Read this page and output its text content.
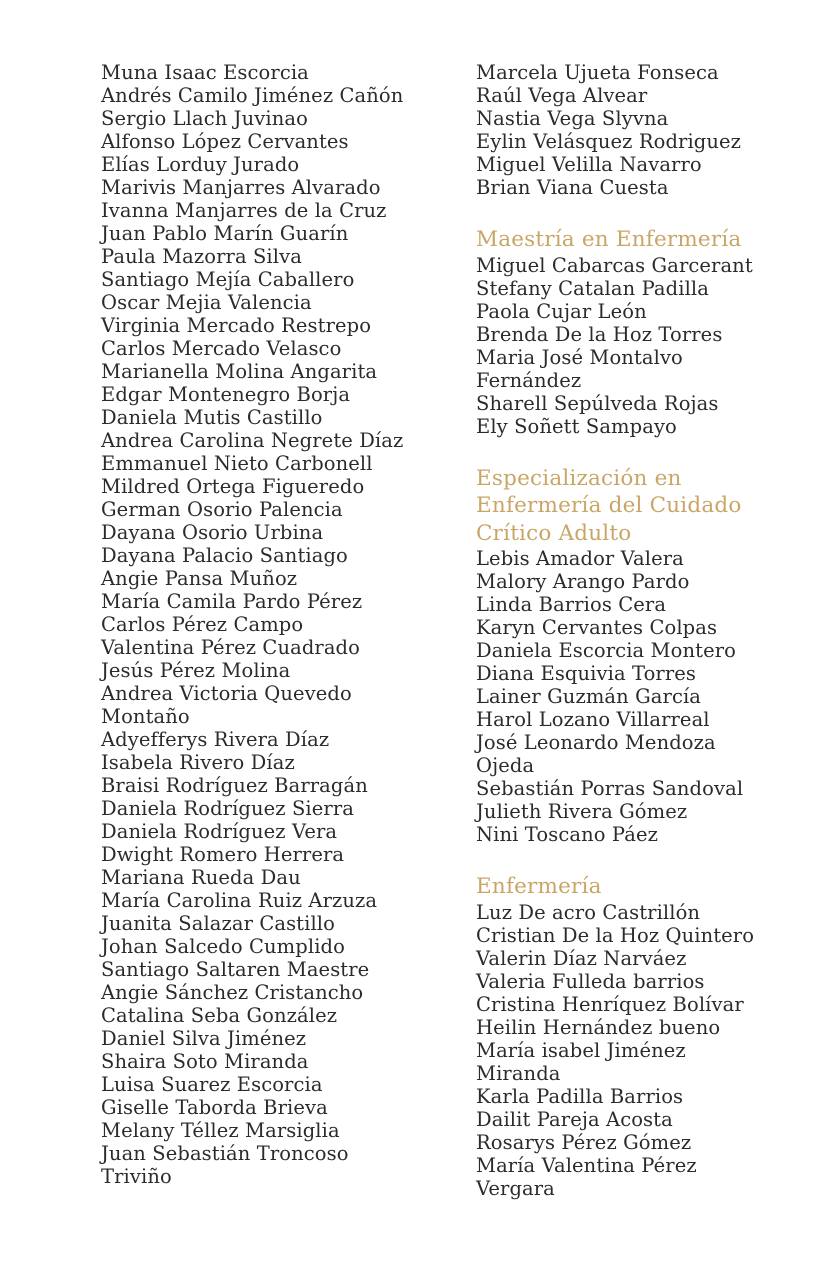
Muna Isaac Escorcia
Andrés Camilo Jiménez Cañón
Sergio Llach Juvinao
Alfonso López Cervantes
Elías Lorduy Jurado
Marivis Manjarres Alvarado
Ivanna Manjarres de la Cruz
Juan Pablo Marín Guarín
Paula Mazorra Silva
Santiago Mejía Caballero
Oscar Mejia Valencia
Virginia Mercado Restrepo
Carlos Mercado Velasco
Marianella Molina Angarita
Edgar Montenegro Borja
Daniela Mutis Castillo
Andrea Carolina Negrete Díaz
Emmanuel Nieto Carbonell
Mildred Ortega Figueredo
German Osorio Palencia
Dayana Osorio Urbina
Dayana Palacio Santiago
Angie Pansa Muñoz
María Camila Pardo Pérez
Carlos Pérez Campo
Valentina Pérez Cuadrado
Jesús Pérez Molina
Andrea Victoria Quevedo
Montaño
Adyefferys Rivera Díaz
Isabela Rivero Díaz
Braisi Rodríguez Barragán
Daniela Rodríguez Sierra
Daniela Rodríguez Vera
Dwight Romero Herrera
Mariana Rueda Dau
María Carolina Ruiz Arzuza
Juanita Salazar Castillo
Johan Salcedo Cumplido
Santiago Saltaren Maestre
Angie Sánchez Cristancho
Catalina Seba González
Daniel Silva Jiménez
Shaira Soto Miranda
Luisa Suarez Escorcia
Giselle Taborda Brieva
Melany Téllez Marsiglia
Juan Sebastián Troncoso
Triviño
Marcela Ujueta Fonseca
Raúl Vega Alvear
Nastia Vega Slyvna
Eylin Velásquez Rodriguez
Miguel Velilla Navarro
Brian Viana Cuesta
Maestría en Enfermería
Miguel Cabarcas Garcerant
Stefany Catalan Padilla
Paola Cujar León
Brenda De la Hoz Torres
Maria José Montalvo
Fernández
Sharell Sepúlveda Rojas
Ely Soñett Sampayo
Especialización en
Enfermería del Cuidado
Crítico Adulto
Lebis Amador Valera
Malory Arango Pardo
Linda Barrios Cera
Karyn Cervantes Colpas
Daniela Escorcia Montero
Diana Esquivia Torres
Lainer Guzmán García
Harol Lozano Villarreal
José Leonardo Mendoza
Ojeda
Sebastián Porras Sandoval
Julieth Rivera Gómez
Nini Toscano Páez
Enfermería
Luz De acro Castrillón
Cristian De la Hoz Quintero
Valerin Díaz Narváez
Valeria Fulleda barrios
Cristina Henríquez Bolívar
Heilin Hernández bueno
María isabel Jiménez
Miranda
Karla Padilla Barrios
Dailit Pareja Acosta
Rosarys Pérez Gómez
María Valentina Pérez
Vergara
